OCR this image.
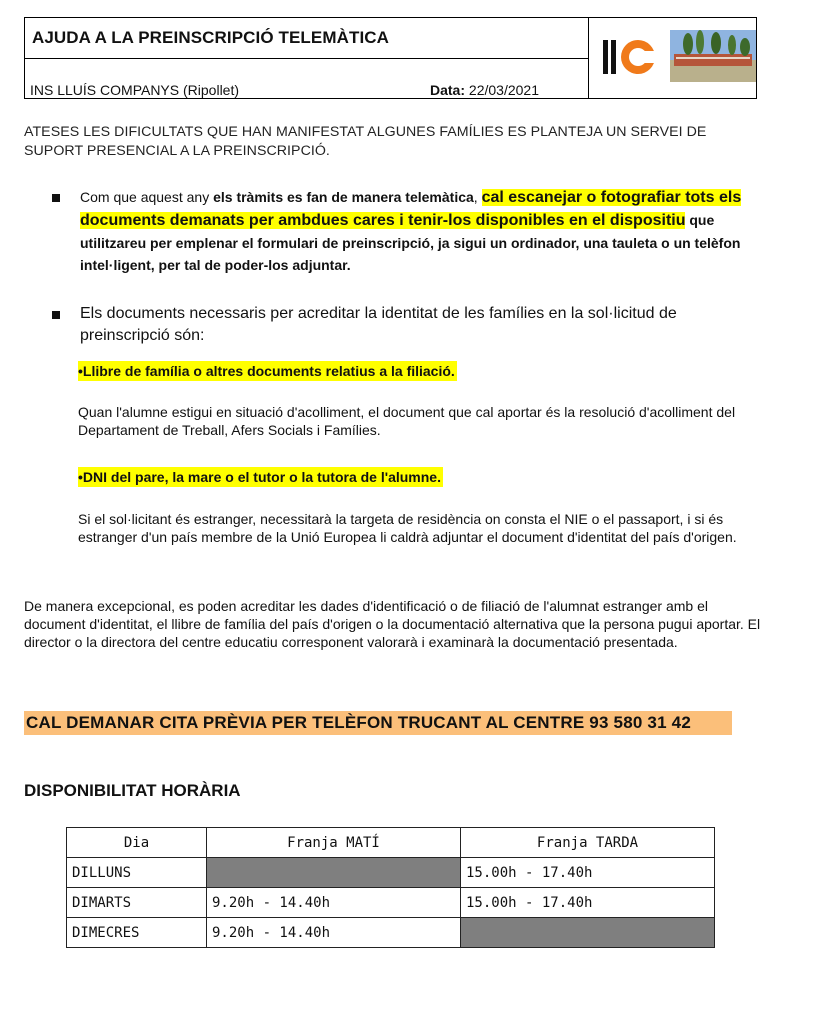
AJUDA A LA PREINSCRIPCIÓ TELEMÀTICA
INS LLUÍS COMPANYS (Ripollet)	Data: 22/03/2021
ATESES LES DIFICULTATS QUE HAN MANIFESTAT ALGUNES FAMÍLIES ES PLANTEJA UN SERVEI DE SUPORT PRESENCIAL A LA PREINSCRIPCIÓ.
Com que aquest any els tràmits es fan de manera telemàtica, cal escanejar o fotografiar tots els documents demanats per ambdues cares i tenir-los disponibles en el dispositiu que utilitzareu per emplenar el formulari de preinscripció, ja sigui un ordinador, una tauleta o un telèfon intel·ligent, per tal de poder-los adjuntar.
Els documents necessaris per acreditar la identitat de les famílies en la sol·licitud de preinscripció són:
•Llibre de família o altres documents relatius a la filiació.
Quan l'alumne estigui en situació d'acolliment, el document que cal aportar és la resolució d'acolliment del Departament de Treball, Afers Socials i Famílies.
•DNI del pare, la mare o el tutor o la tutora de l'alumne.
Si el sol·licitant és estranger, necessitarà la targeta de residència on consta el NIE o el passaport, i si és estranger d'un país membre de la Unió Europea li caldrà adjuntar el document d'identitat del país d'origen.
De manera excepcional, es poden acreditar les dades d'identificació o de filiació de l'alumnat estranger amb el document d'identitat, el llibre de família del país d'origen o la documentació alternativa que la persona pugui aportar. El director o la directora del centre educatiu corresponent valorarà i examinarà la documentació presentada.
CAL DEMANAR CITA PRÈVIA PER TELÈFON TRUCANT AL CENTRE 93 580 31 42
DISPONIBILITAT HORÀRIA
Dia	Franja MATÍ	Franja TARDA
DILLUNS		15.00h - 17.40h
DIMARTS	9.20h - 14.40h	15.00h - 17.40h
DIMECRES	9.20h - 14.40h	
